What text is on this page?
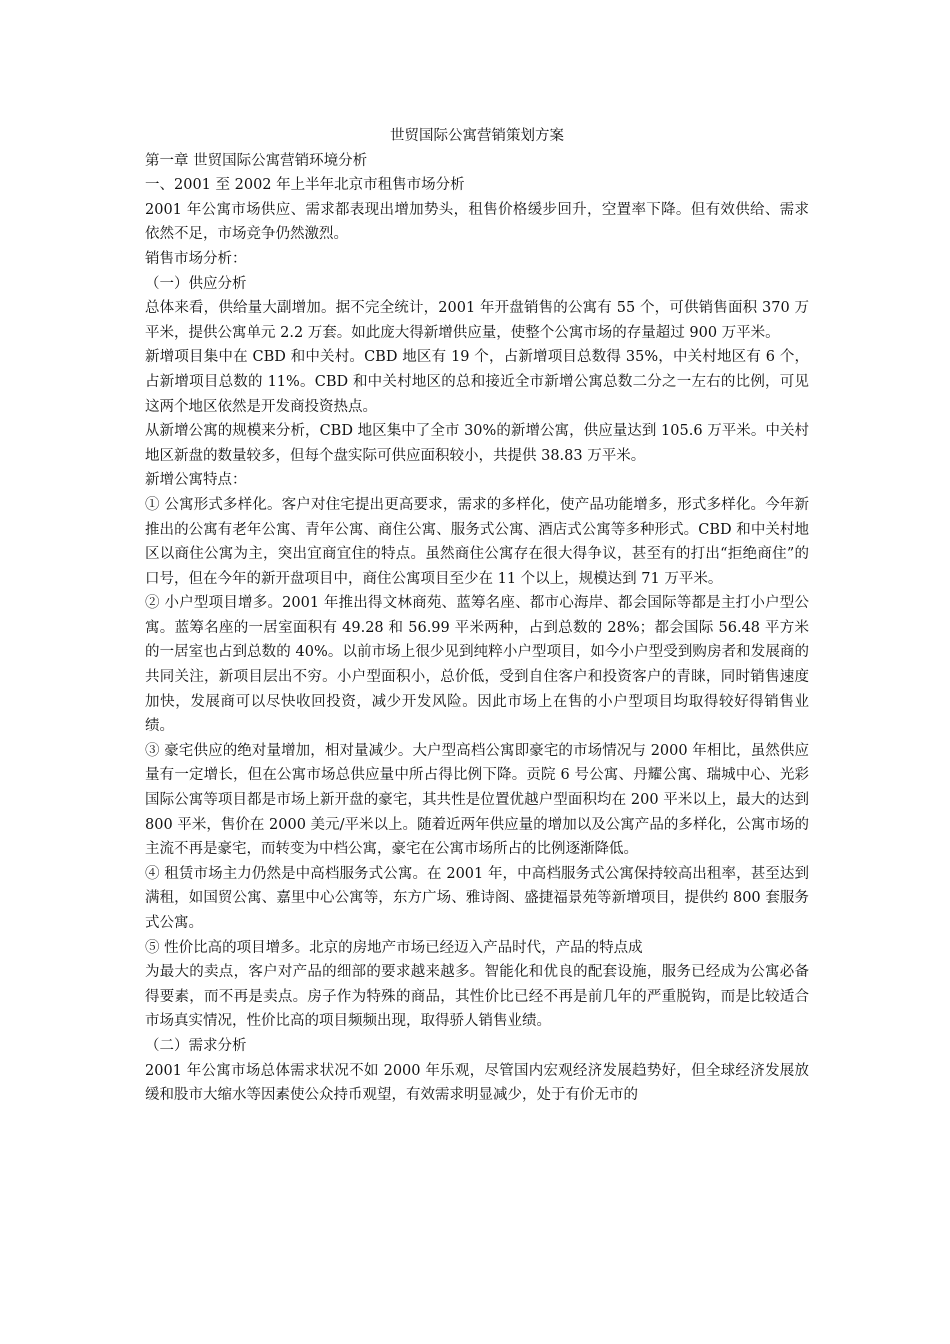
世贸国际公寓营销策划方案

第一章 世贸国际公寓营销环境分析

一、2001 至 2002 年上半年北京市租售市场分析

2001 年公寓市场供应、需求都表现出增加势头，租售价格缓步回升，空置率下降。但有效供给、需求依然不足，市场竞争仍然激烈。

销售市场分析：

（一）供应分析

总体来看，供给量大副增加。据不完全统计，2001 年开盘销售的公寓有 55 个，可供销售面积 370 万平米，提供公寓单元 2.2 万套。如此庞大得新增供应量，使整个公寓市场的存量超过 900 万平米。

新增项目集中在 CBD 和中关村。CBD 地区有 19 个，占新增项目总数得 35%，中关村地区有 6 个，占新增项目总数的 11%。CBD 和中关村地区的总和接近全市新增公寓总数二分之一左右的比例，可见这两个地区依然是开发商投资热点。

从新增公寓的规模来分析，CBD 地区集中了全市 30%的新增公寓，供应量达到 105.6 万平米。中关村地区新盘的数量较多，但每个盘实际可供应面积较小，共提供 38.83 万平米。

新增公寓特点：

① 公寓形式多样化。客户对住宅提出更高要求，需求的多样化，使产品功能增多，形式多样化。今年新推出的公寓有老年公寓、青年公寓、商住公寓、服务式公寓、酒店式公寓等多种形式。CBD 和中关村地区以商住公寓为主，突出宜商宜住的特点。虽然商住公寓存在很大得争议，甚至有的打出“拒绝商住”的口号，但在今年的新开盘项目中，商住公寓项目至少在 11 个以上，规模达到 71 万平米。

② 小户型项目增多。2001 年推出得文林商苑、蓝筹名座、都市心海岸、都会国际等都是主打小户型公寓。蓝筹名座的一居室面积有 49.28 和 56.99 平米两种，占到总数的 28%；都会国际 56.48 平方米的一居室也占到总数的 40%。以前市场上很少见到纯粹小户型项目，如今小户型受到购房者和发展商的共同关注，新项目层出不穷。小户型面积小，总价低，受到自住客户和投资客户的青睐，同时销售速度加快，发展商可以尽快收回投资，减少开发风险。因此市场上在售的小户型项目均取得较好得销售业绩。

③ 豪宅供应的绝对量增加，相对量减少。大户型高档公寓即豪宅的市场情况与 2000 年相比，虽然供应量有一定增长，但在公寓市场总供应量中所占得比例下降。贡院 6 号公寓、丹耀公寓、瑞城中心、光彩国际公寓等项目都是市场上新开盘的豪宅，其共性是位置优越户型面积均在 200 平米以上，最大的达到 800 平米，售价在 2000 美元/平米以上。随着近两年供应量的增加以及公寓产品的多样化，公寓市场的主流不再是豪宅，而转变为中档公寓，豪宅在公寓市场所占的比例逐渐降低。

④ 租赁市场主力仍然是中高档服务式公寓。在 2001 年，中高档服务式公寓保持较高出租率，甚至达到满租，如国贸公寓、嘉里中心公寓等，东方广场、雅诗阁、盛捷福景苑等新增项目，提供约 800 套服务式公寓。

⑤ 性价比高的项目增多。北京的房地产市场已经迈入产品时代，产品的特点成

为最大的卖点，客户对产品的细部的要求越来越多。智能化和优良的配套设施，服务已经成为公寓必备得要素，而不再是卖点。房子作为特殊的商品，其性价比已经不再是前几年的严重脱钩，而是比较适合市场真实情况，性价比高的项目频频出现，取得骄人销售业绩。

（二）需求分析

2001 年公寓市场总体需求状况不如 2000 年乐观，尽管国内宏观经济发展趋势好，但全球经济发展放缓和股市大缩水等因素使公众持币观望，有效需求明显减少，处于有价无市的
